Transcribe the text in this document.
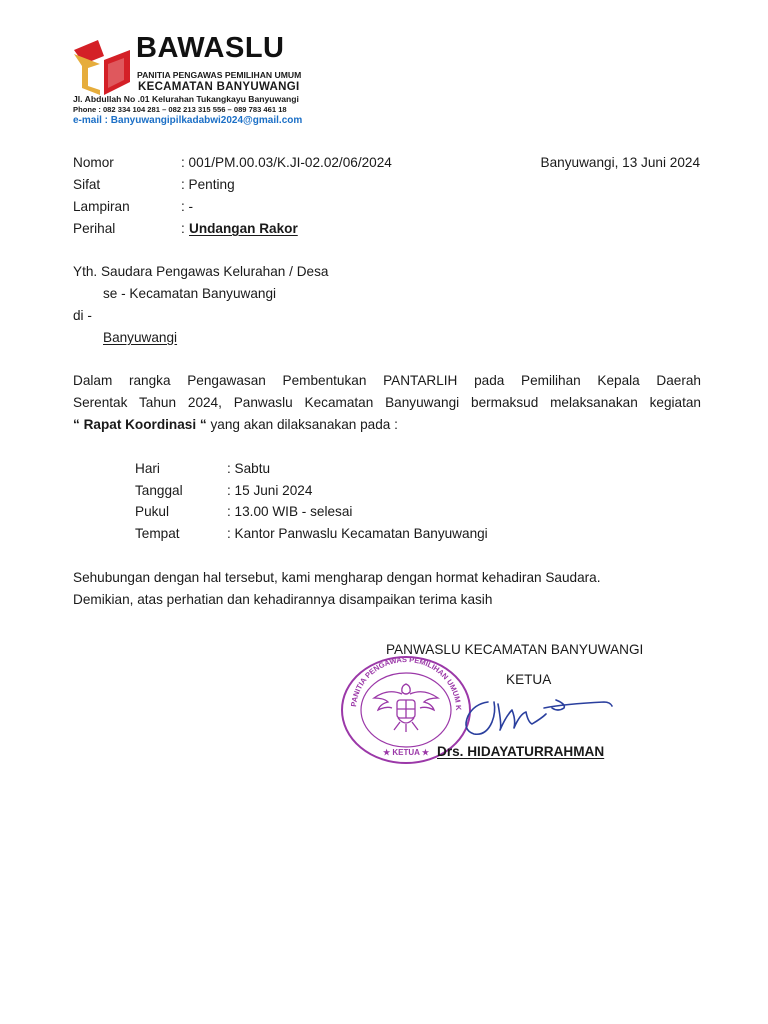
BAWASLU
PANITIA PENGAWAS PEMILIHAN UMUM
KECAMATAN BANYUWANGI
Jl. Abdullah No .01 Kelurahan Tukangkayu Banyuwangi
Phone : 082 334 104 281 – 082 213 315 556 – 089 783 461 18
e-mail : Banyuwangipilkadabwi2024@gmail.com
Nomor	: 001/PM.00.03/K.JI-02.02/06/2024	Banyuwangi, 13 Juni 2024
Sifat	: Penting
Lampiran	: -
Perihal	: Undangan Rakor
Yth. Saudara Pengawas Kelurahan / Desa
se - Kecamatan Banyuwangi
di -
Banyuwangi
Dalam rangka Pengawasan Pembentukan PANTARLIH pada Pemilihan Kepala Daerah
Serentak Tahun 2024, Panwaslu Kecamatan Banyuwangi bermaksud melaksanakan kegiatan
“ Rapat Koordinasi “ yang akan dilaksanakan pada :
Hari	: Sabtu
Tanggal	: 15 Juni 2024
Pukul	: 13.00 WIB - selesai
Tempat	: Kantor Panwaslu Kecamatan Banyuwangi
Sehubungan dengan hal tersebut, kami mengharap dengan hormat kehadiran Saudara.
Demikian, atas perhatian dan kehadirannya disampaikan terima kasih
PANWASLU KECAMATAN BANYUWANGI
KETUA
PANITIA PENGAWAS PEMILIHAN UMUM K
★ KETUA ★ Drs. HIDAYATURRAHMAN
